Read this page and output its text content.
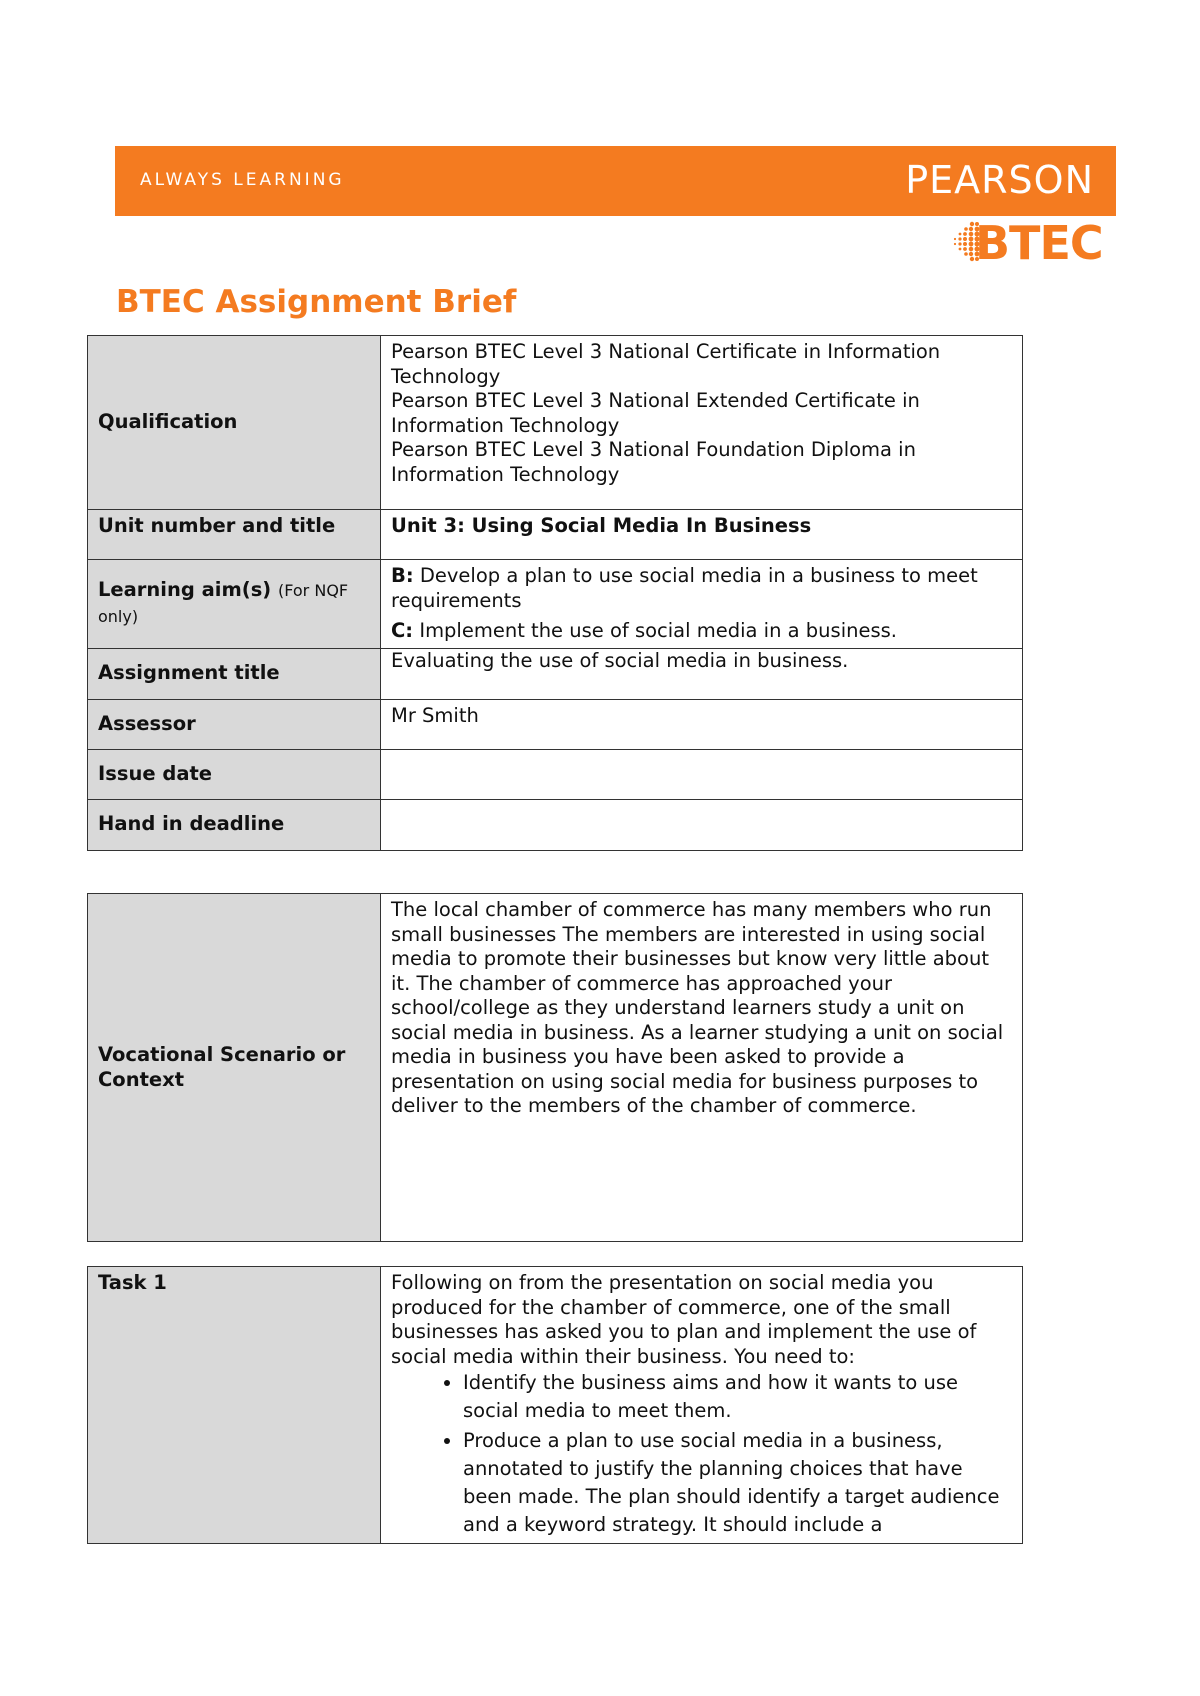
ALWAYS LEARNING	PEARSON
BTEC
BTEC Assignment Brief
Qualification	Pearson BTEC Level 3 National Certificate in Information Technology
Pearson BTEC Level 3 National Extended Certificate in Information Technology
Pearson BTEC Level 3 National Foundation Diploma in Information Technology

Unit number and title	Unit 3: Using Social Media In Business
Learning aim(s) (For NQF only)	B: Develop a plan to use social media in a business to meet requirements

C: Implement the use of social media in a business.

Assignment title	Evaluating the use of social media in business.
Assessor	Mr Smith
Issue date	
Hand in deadline	
Vocational Scenario or Context	The local chamber of commerce has many members who run small businesses The members are interested in using social media to promote their businesses but know very little about it. The chamber of commerce has approached your school/college as they understand learners study a unit on social media in business. As a learner studying a unit on social media in business you have been asked to provide a presentation on using social media for business purposes to deliver to the members of the chamber of commerce.
Task 1	Following on from the presentation on social media you produced for the chamber of commerce, one of the small businesses has asked you to plan and implement the use of social media within their business. You need to:
• Identify the business aims and how it wants to use social media to meet them.
• Produce a plan to use social media in a business, annotated to justify the planning choices that have been made. The plan should identify a target audience and a keyword strategy. It should include a
